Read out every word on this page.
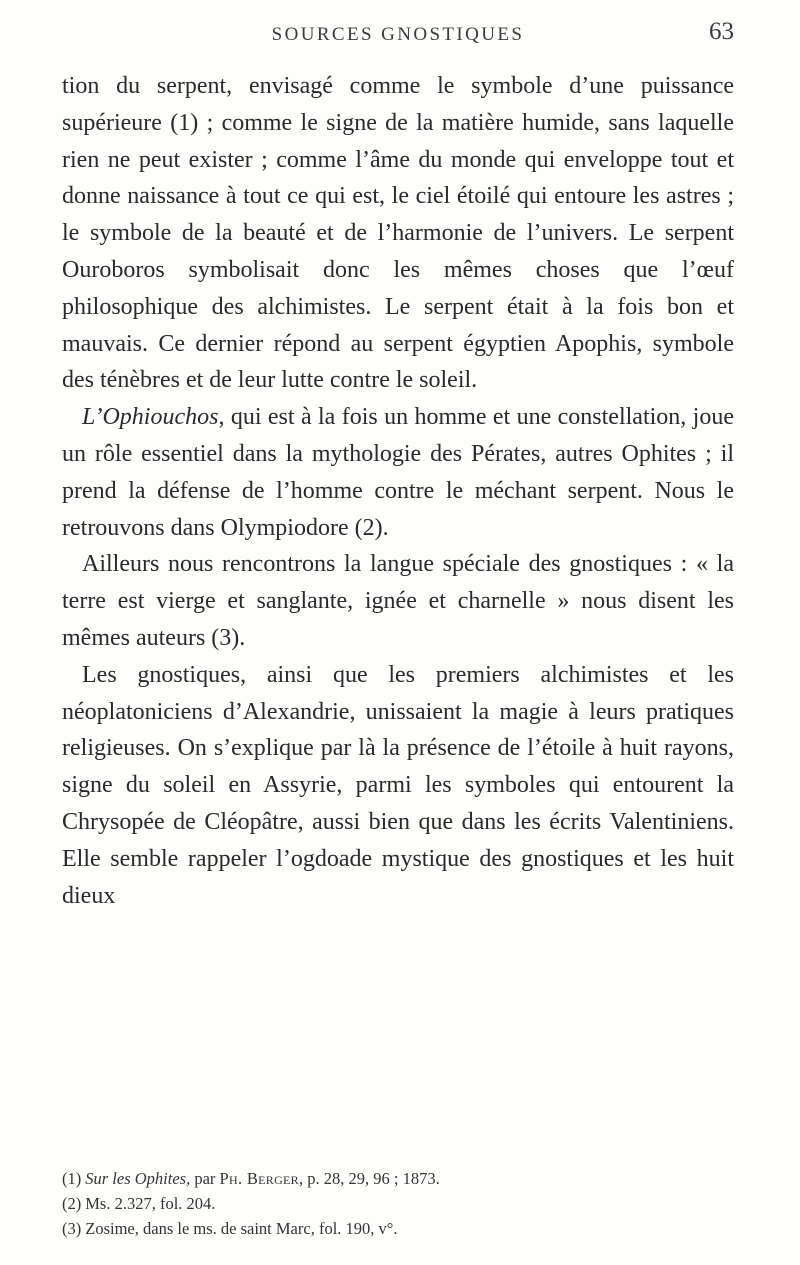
SOURCES GNOSTIQUES	63

tion du serpent, envisagé comme le symbole d’une puissance supérieure (1) ; comme le signe de la matière humide, sans laquelle rien ne peut exister ; comme l’âme du monde qui enveloppe tout et donne naissance à tout ce qui est, le ciel étoilé qui entoure les astres ; le symbole de la beauté et de l’harmonie de l’univers. Le serpent Ouroboros symbolisait donc les mêmes choses que l’œuf philosophique des alchimistes. Le serpent était à la fois bon et mauvais. Ce dernier répond au serpent égyptien Apophis, symbole des ténèbres et de leur lutte contre le soleil.

L’Ophiouchos, qui est à la fois un homme et une constellation, joue un rôle essentiel dans la mythologie des Pérates, autres Ophites ; il prend la défense de l’homme contre le méchant serpent. Nous le retrouvons dans Olympiodore (2).

Ailleurs nous rencontrons la langue spéciale des gnostiques : « la terre est vierge et sanglante, ignée et charnelle » nous disent les mêmes auteurs (3).

Les gnostiques, ainsi que les premiers alchimistes et les néoplatoniciens d’Alexandrie, unissaient la magie à leurs pratiques religieuses. On s’explique par là la présence de l’étoile à huit rayons, signe du soleil en Assyrie, parmi les symboles qui entourent la Chrysopée de Cléopâtre, aussi bien que dans les écrits Valentiniens. Elle semble rappeler l’ogdoade mystique des gnostiques et les huit dieux

(1) Sur les Ophites, par Ph. Berger, p. 28, 29, 96 ; 1873.

(2) Ms. 2.327, fol. 204.

(3) Zosime, dans le ms. de saint Marc, fol. 190, v°.
